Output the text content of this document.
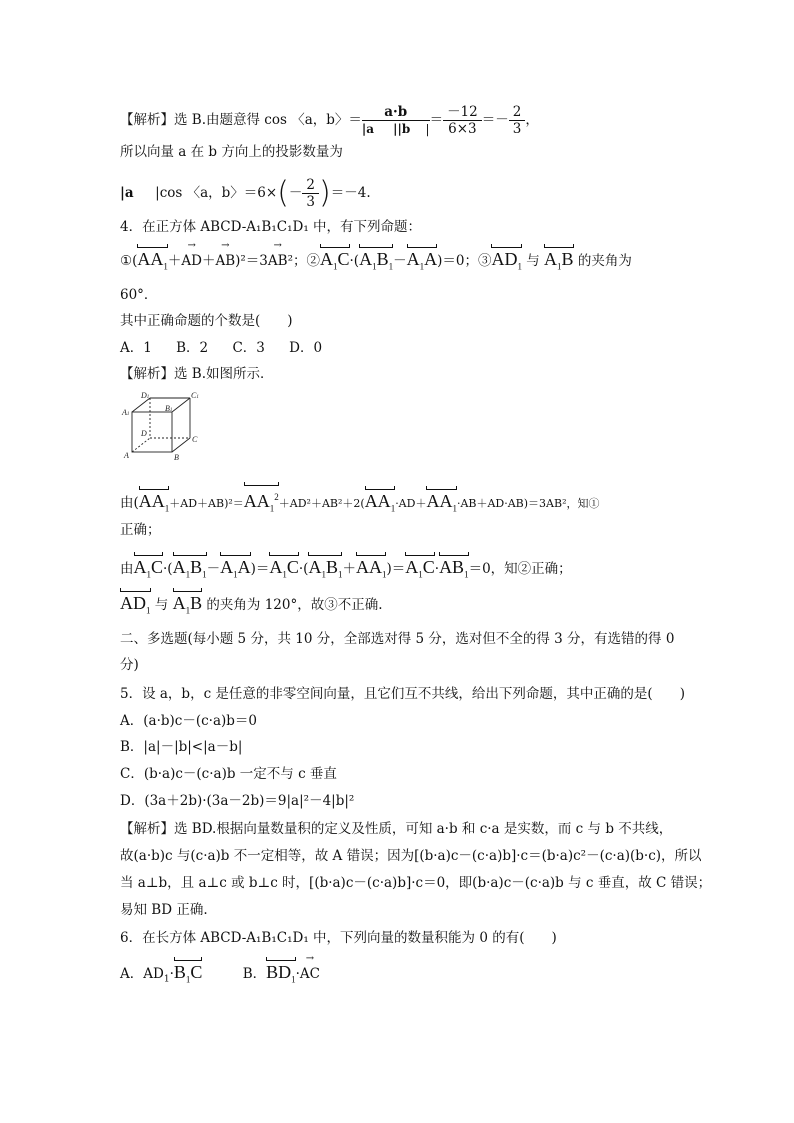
【解析】选 B.由题意得 cos 〈a，b〉＝ $\frac{a\cdot b}{|a ||b |} = \frac{-12}{6\times 3} =- \frac{2}{3}$ ，
所以向量 a 在 b 方向上的投影数量为
|a |cos 〈a，b〉$=6\times(- \frac{2}{3} )=-4$.
4．在正方体 ABCD-A₁B₁C₁D₁ 中，有下列命题：
①(
$AA_1+\to AD+\to AB)^2=3\to AB^2$；②
$A_1C\cdot$(
$A_1B_1-$
$A_1A)=0$；③
$AD_1$ 与 $A_1B$ 的夹角为
60°．
其中正确命题的个数是(　　)
A．1 B．2 C．3 D．0
【解析】选 B.如图所示．
D1	C1
A1
B1
D
C
A	B
由(
$AA_1+AD+AB)^2=$
$AA_1^2+AD^2+AB^2+2$(
$AA_1\cdot AD+$
$AA_1\cdot AB+AD\cdot AB)=3AB^2$，知①
正确；
由
$A_1C\cdot$(
$A_1B_1-$
$A_1A)=$
$A_1C\cdot$(
$A_1B_1+$
$AA_1)=$
$A_1C\cdot$
$AB_1=0$，知②正确；
$AD_1$ 与 $A_1B$ 的夹角为 120°，故③不正确.
二、多选题(每小题 5 分，共 10 分，全部选对得 5 分，选对但不全的得 3 分，有选错的得 0
分)
5．设 a，b，c 是任意的非零空间向量，且它们互不共线，给出下列命题，其中正确的是(　　)
A．(a·b)c－(c·a)b＝0
B．|a|－|b|<|a－b|
C．(b·a)c－(c·a)b 一定不与 c 垂直
D．(3a＋2b)·(3a－2b)＝9|a|²－4|b|²
【解析】选 BD.根据向量数量积的定义及性质，可知 a·b 和 c·a 是实数，而 c 与 b 不共线，
故(a·b)c 与(c·a)b 不一定相等，故 A 错误；因为[(b·a)c－(c·a)b]·c＝(b·a)c²－(c·a)(b·c)，所以
当 a⊥b，且 a⊥c 或 b⊥c 时，[(b·a)c－(c·a)b]·c＝0，即(b·a)c－(c·a)b 与 c 垂直，故 C 错误；
易知 BD 正确.
6．在长方体 ABCD-A₁B₁C₁D₁ 中，下列向量的数量积能为 0 的有(　　)
A．$AD_1\cdot$
$B_1C$	B．
$BD_1\cdot\to$ AC
